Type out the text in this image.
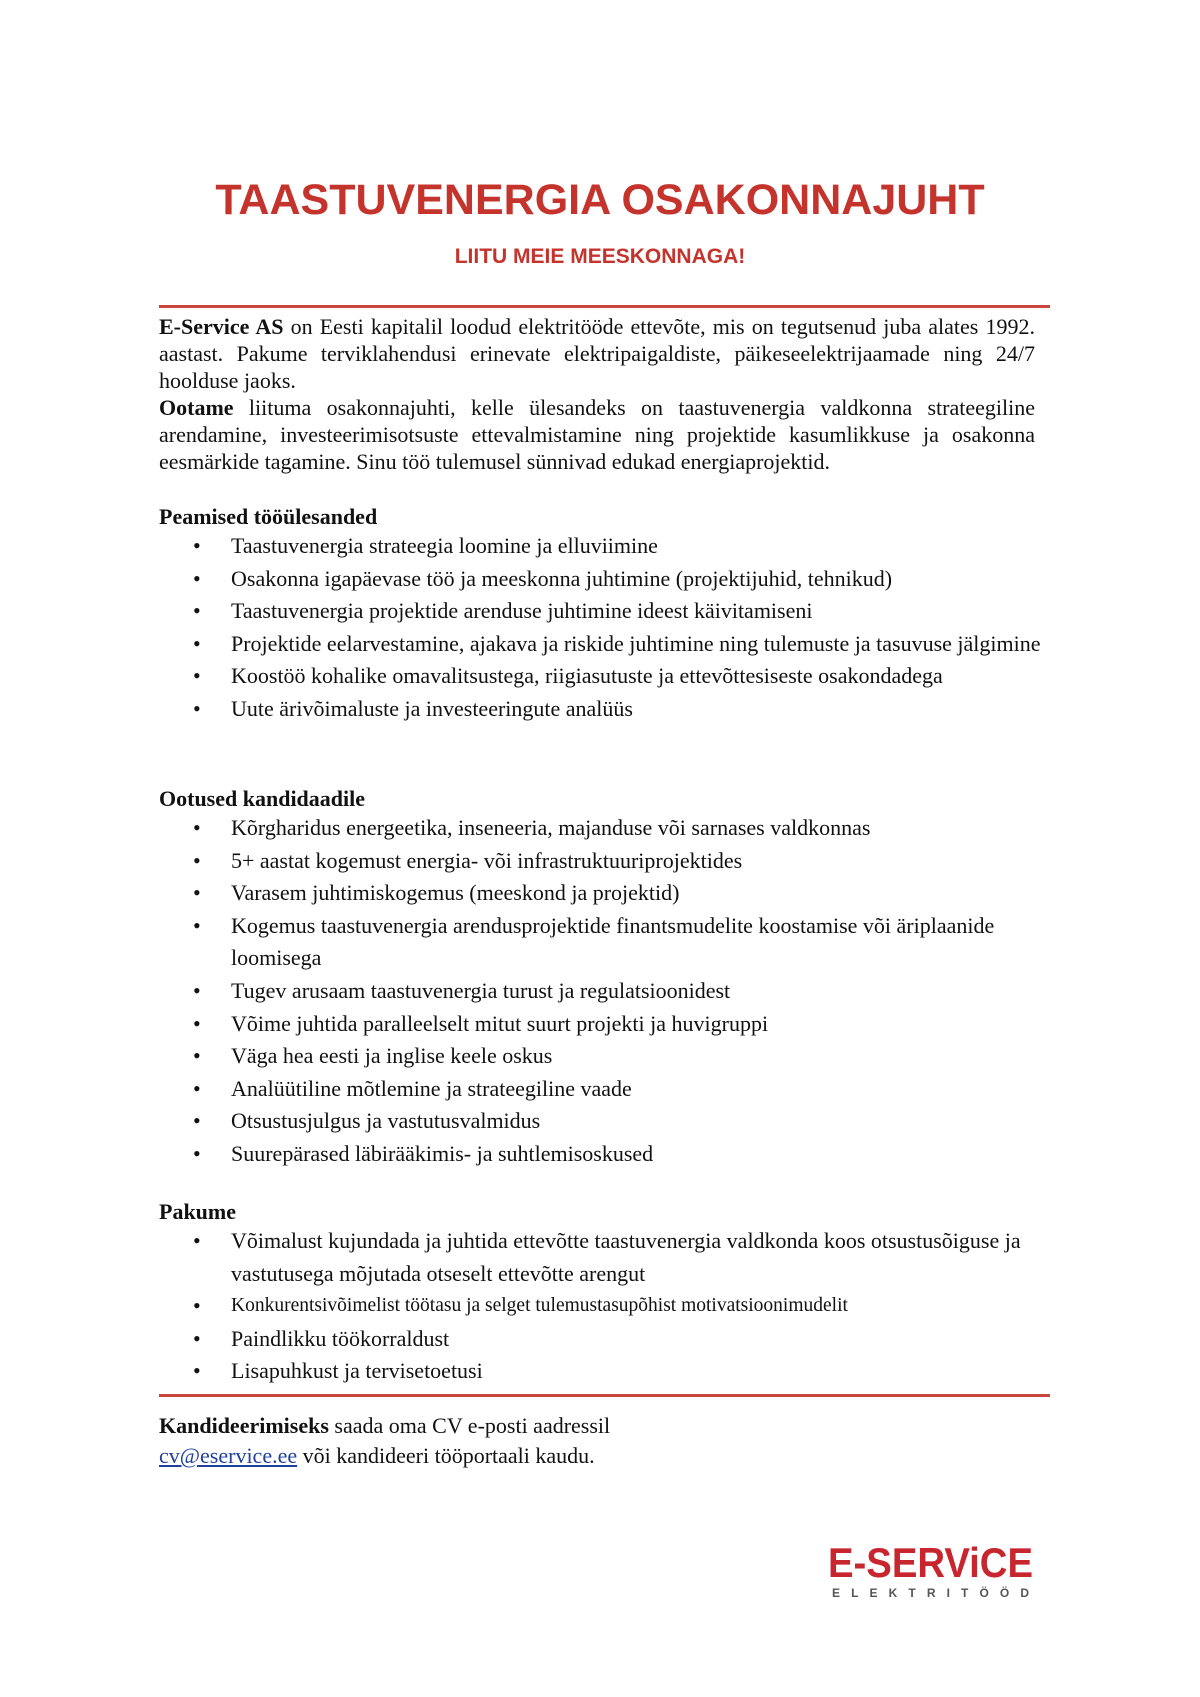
TAASTUVENERGIA OSAKONNAJUHT
LIITU MEIE MEESKONNAGA!

E-Service AS on Eesti kapitalil loodud elektritööde ettevõte, mis on tegutsenud juba alates 1992. aastast. Pakume terviklahendusi erinevate elektripaigaldiste, päikeseelektrijaamade ning 24/7 hoolduse jaoks.

Ootame liituma osakonnajuhti, kelle ülesandeks on taastuvenergia valdkonna strateegiline arendamine, investeerimisotsuste ettevalmistamine ning projektide kasumlikkuse ja osakonna eesmärkide tagamine. Sinu töö tulemusel sünnivad edukad energiaprojektid.

Peamised tööülesanded
• Taastuvenergia strateegia loomine ja elluviimine
• Osakonna igapäevase töö ja meeskonna juhtimine (projektijuhid, tehnikud)
• Taastuvenergia projektide arenduse juhtimine ideest käivitamiseni
• Projektide eelarvestamine, ajakava ja riskide juhtimine ning tulemuste ja tasuvuse jälgimine
• Koostöö kohalike omavalitsustega, riigiasutuste ja ettevõttesiseste osakondadega
• Uute ärivõimaluste ja investeeringute analüüs
Ootused kandidaadile
• Kõrgharidus energeetika, inseneeria, majanduse või sarnases valdkonnas
• 5+ aastat kogemust energia- või infrastruktuuriprojektides
• Varasem juhtimiskogemus (meeskond ja projektid)
• Kogemus taastuvenergia arendusprojektide finantsmudelite koostamise või äriplaanide loomisega
• Tugev arusaam taastuvenergia turust ja regulatsioonidest
• Võime juhtida paralleelselt mitut suurt projekti ja huvigruppi
• Väga hea eesti ja inglise keele oskus
• Analüütiline mõtlemine ja strateegiline vaade
• Otsustusjulgus ja vastutusvalmidus
• Suurepärased läbirääkimis- ja suhtlemisoskused
Pakume
• Võimalust kujundada ja juhtida ettevõtte taastuvenergia valdkonda koos otsustusõiguse ja vastutusega mõjutada otseselt ettevõtte arengut
• Konkurentsivõimelist töötasu ja selget tulemustasupõhist motivatsioonimudelit
• Paindlikku töökorraldust
• Lisapuhkust ja tervisetoetusi
Kandideerimiseks saada oma CV e-posti aadressil
cv@eservice.ee või kandideeri tööportaali kaudu.
E-SERViCE
ELEKTRITÖÖD
